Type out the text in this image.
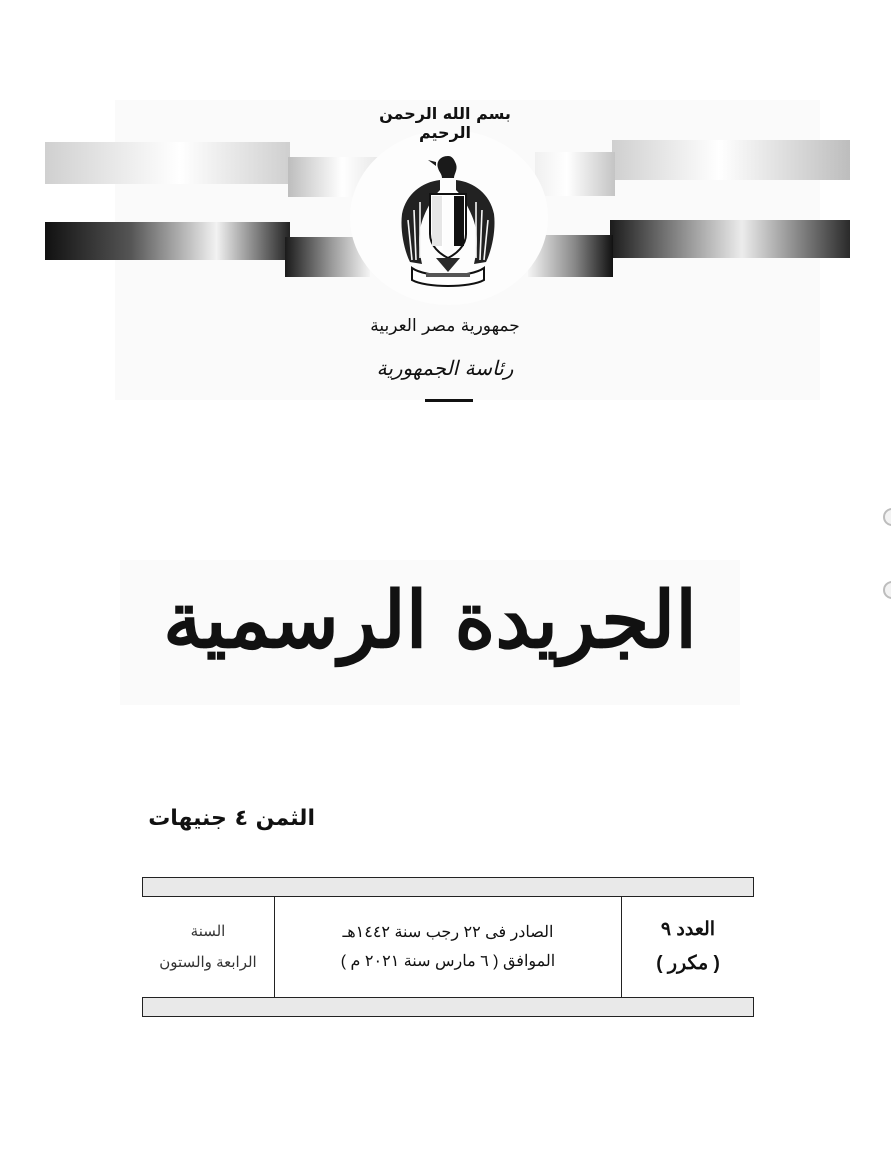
بسم الله الرحمن الرحيم
جمهورية مصر العربية
رئاسة الجمهورية
الجريدة الرسمية
الثمن ٤ جنيهات
العدد ٩
( مكرر )
الصادر فى ٢٢ رجب سنة ١٤٤٢هـ
الموافق ( ٦ مارس سنة ٢٠٢١ م )
السنة
الرابعة والستون
